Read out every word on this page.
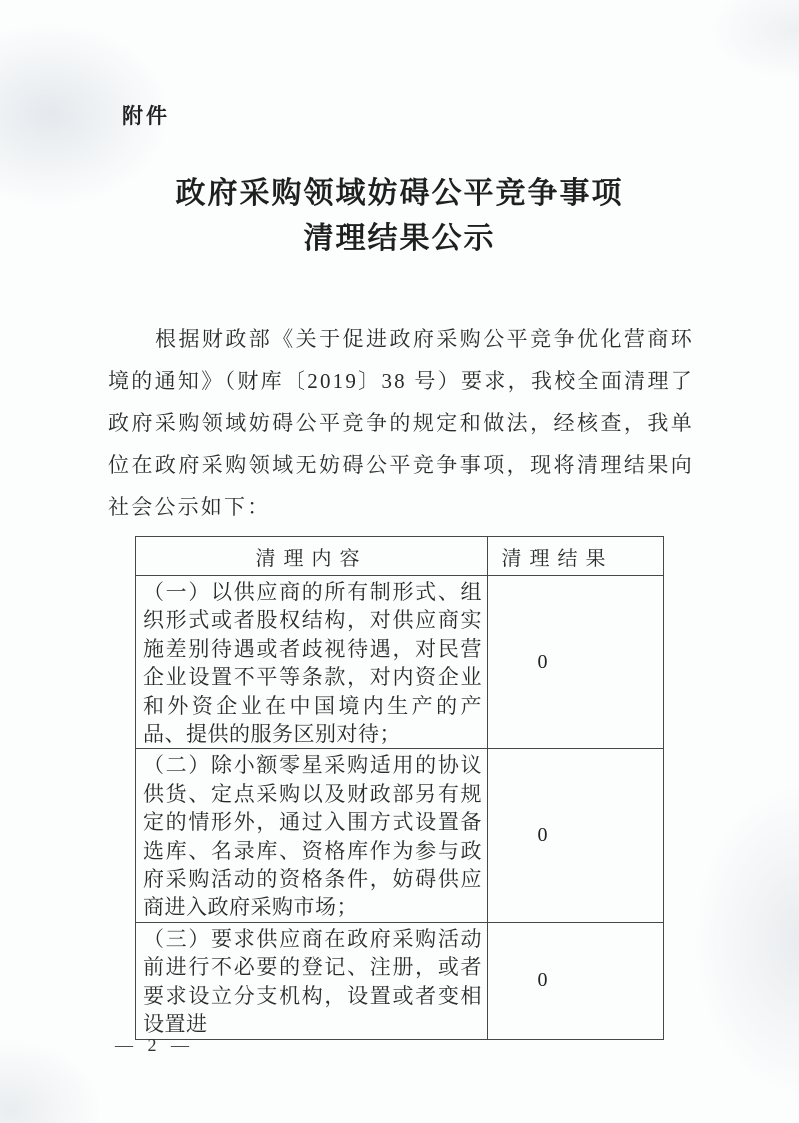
附件
政府采购领域妨碍公平竞争事项
清理结果公示

根据财政部《关于促进政府采购公平竞争优化营商环境的通知》（财库〔2019〕38 号）要求，我校全面清理了政府采购领域妨碍公平竞争的规定和做法，经核查，我单位在政府采购领域无妨碍公平竞争事项，现将清理结果向社会公示如下：

清理内容	清理结果
（一）以供应商的所有制形式、组织形式或者股权结构，对供应商实施差别待遇或者歧视待遇，对民营企业设置不平等条款，对内资企业和外资企业在中国境内生产的产品、提供的服务区别对待；	0
（二）除小额零星采购适用的协议供货、定点采购以及财政部另有规定的情形外，通过入围方式设置备选库、名录库、资格库作为参与政府采购活动的资格条件，妨碍供应商进入政府采购市场；	0
（三）要求供应商在政府采购活动前进行不必要的登记、注册，或者要求设立分支机构，设置或者变相设置进	0
— 2 —
